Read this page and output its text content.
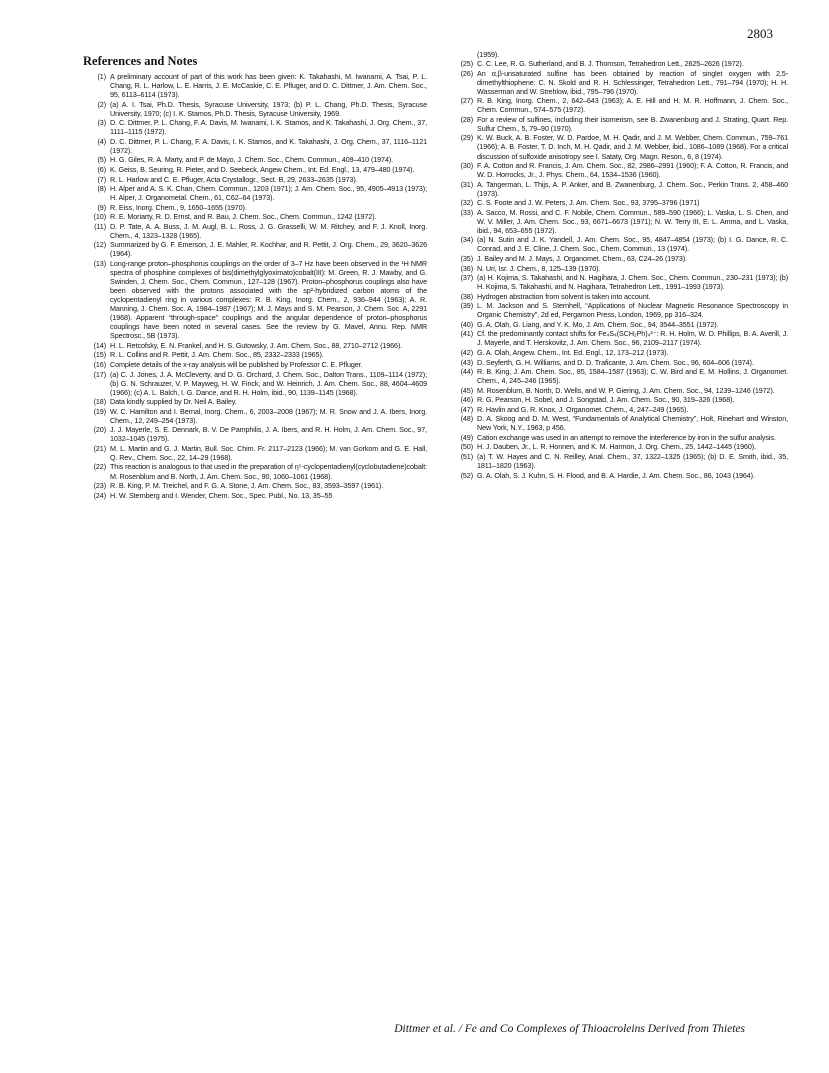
2803
References and Notes
(1) A preliminary account of part of this work has been given: K. Takahashi, M. Iwanami, A. Tsai, P. L. Chang, R. L. Harlow, L. E. Harris, J. E. McCaskie, C. E. Pfluger, and D. C. Dittmer, J. Am. Chem. Soc., 95, 6113–6114 (1973).
(2) (a) A. I. Tsai, Ph.D. Thesis, Syracuse University, 1973; (b) P. L. Chang, Ph.D. Thesis, Syracuse University, 1970; (c) I. K. Stamos, Ph.D. Thesis, Syracuse University, 1969.
(3) D. C. Dittmer, P. L. Chang, F. A. Davis, M. Iwanami, I. K. Stamos, and K. Takahashi, J. Org. Chem., 37, 1111–1115 (1972).
(4) D. C. Dittmer, P. L. Chang, F. A. Davis, I. K. Stamos, and K. Takahashi, J. Org. Chem., 37, 1116–1121 (1972).
(5) H. G. Giles, R. A. Marty, and P. de Mayo, J. Chem. Soc., Chem. Commun., 409–410 (1974).
(6) K. Geiss, B. Seuring, R. Pieter, and D. Seebeck, Angew Chem., Int. Ed. Engl., 13, 479–480 (1974).
(7) R. L. Harlow and C. E. Pfluger, Acta Crystallogr., Sect. B, 29, 2633–2635 (1973).
(8) H. Alper and A. S. K. Chan, Chem. Commun., 1203 (1971); J. Am. Chem. Soc., 95, 4905–4913 (1973); H. Alper, J. Organometal. Chem., 61, C62–64 (1973).
(9) R. Eiss, Inorg. Chem., 9, 1650–1655 (1970).
(10) R. E. Moriarty, R. D. Ernst, and R. Bau, J. Chem. Soc., Chem. Commun., 1242 (1972).
(11) D. P. Tate, A. A. Buss, J. M. Augl, B. L. Ross, J. G. Grasselli, W. M. Ritchey, and F. J. Knoll, Inorg. Chem., 4, 1323–1328 (1965).
(12) Summarized by G. F. Emerson, J. E. Mahler, R. Kochhar, and R. Pettit, J. Org. Chem., 29, 3620–3626 (1964).
(13) Long-range proton–phosphorus couplings on the order of 3–7 Hz have been observed in the ¹H NMR spectra of phosphine complexes of bis(dimethylglyoximato)cobalt(III): M. Green, R. J. Mawby, and G. Swinden, J. Chem. Soc., Chem. Commun., 127–128 (1967). Proton–phosphorus couplings also have been observed with the protons associated with the sp²-hybridized carbon atoms of the cyclopentadienyl ring in various complexes: R. B. King, Inorg. Chem., 2, 936–944 (1963); A. R. Manning, J. Chem. Soc. A, 1984–1987 (1967); M. J. Mays and S. M. Pearson, J. Chem. Soc. A, 2291 (1968). Apparent “through-space” couplings and the angular dependence of proton–phosphorus couplings have been noted in several cases. See the review by G. Mavel, Annu. Rep. NMR Spectrosc., 5B (1973).
(14) H. L. Retcofsky, E. N. Frankel, and H. S. Gutowsky, J. Am. Chem. Soc., 88, 2710–2712 (1966).
(15) R. L. Collins and R. Pettit, J. Am. Chem. Soc., 85, 2332–2333 (1965).
(16) Complete details of the x-ray analysis will be published by Professor C. E. Pfluger.
(17) (a) C. J. Jones, J. A. McCleverty, and D. G. Orchard, J. Chem. Soc., Dalton Trans., 1109–1114 (1972); (b) G. N. Schrauzer, V. P. Mayweg, H. W. Finck, and W. Heinrich, J. Am. Chem. Soc., 88, 4604–4609 (1966); (c) A. L. Balch, I. G. Dance, and R. H. Holm, ibid., 90, 1139–1145 (1968).
(18) Data kindly supplied by Dr. Neil A. Bailey.
(19) W. C. Hamilton and I. Bernal, Inorg. Chem., 6, 2003–2008 (1967); M. R. Snow and J. A. Ibers, Inorg. Chem., 12, 249–254 (1973).
(20) J. J. Mayerle, S. E. Dennark, B. V. De Pamphilis, J. A. Ibers, and R. H. Holm, J. Am. Chem. Soc., 97, 1032–1045 (1975).
(21) M. L. Martin and G. J. Martin, Bull. Soc. Chim. Fr. 2117–2123 (1966); M. van Gorkom and G. E. Hall, Q. Rev., Chem. Soc., 22, 14–29 (1968).
(22) This reaction is analogous to that used in the preparation of η⁵-cyclopentadienyl(cyclobutadiene)cobalt: M. Rosenblum and B. North, J. Am. Chem. Soc., 90, 1060–1061 (1968).
(23) R. B. King, P. M. Treichel, and F. G. A. Stone, J. Am. Chem. Soc., 83, 3593–3597 (1961).
(24) H. W. Sternberg and I. Wender, Chem. Soc., Spec. Publ., No. 13, 35–55
(1959).
(25) C. C. Lee, R. G. Sutherland, and B. J. Thomson, Tetrahedron Lett., 2625–2626 (1972).
(26) An α,β-unsaturated sulfine has been obtained by reaction of singlet oxygen with 2,5-dimethylthiophene: C. N. Skold and R. H. Schlessinger, Tetrahedron Lett., 791–794 (1970); H. H. Wasserman and W. Strehlow, ibid., 795–796 (1970).
(27) R. B. King, Inorg. Chem., 2, 642–643 (1963); A. E. Hill and H. M. R. Hoffmann, J. Chem. Soc., Chem. Commun., 574–575 (1972).
(28) For a review of sulfines, including their isomerism, see B. Zwanenburg and J. Strating, Quart. Rep. Sulfur Chem., 5, 79–90 (1970).
(29) K. W. Buck, A. B. Foster, W. D. Pardoe, M. H. Qadir, and J. M. Webber, Chem. Commun., 759–761 (1966); A. B. Foster, T. D. Inch, M. H. Qadir, and J. M. Webber, ibid., 1086–1089 (1968). For a critical discussion of sulfoxide anisotropy see I. Sataty, Org. Magn. Reson., 6, 8 (1974).
(30) F. A. Cotton and R. Francis, J. Am. Chem. Soc., 82, 2986–2991 (1960); F. A. Cotton, R. Francis, and W. D. Horrocks, Jr., J. Phys. Chem., 64, 1534–1536 (1960).
(31) A. Tangerman, L. Thijs, A. P. Anker, and B. Zwanenburg, J. Chem. Soc., Perkin Trans. 2, 458–460 (1973).
(32) C. S. Foote and J. W. Peters, J. Am. Chem. Soc., 93, 3795–3796 (1971)
(33) A. Sacco, M. Rossi, and C. F. Nobile, Chem. Commun., 589–590 (1966); L. Vaska, L. S. Chen, and W. V. Miller, J. Am. Chem. Soc., 93, 6671–6673 (1971); N. W. Terry III, E. L. Amma, and L. Vaska, ibid., 94, 653–655 (1972).
(34) (a) N. Sutin and J. K. Yandell, J. Am. Chem. Soc., 95, 4847–4854 (1973); (b) I. G. Dance, R. C. Conrad, and J. E. Cline, J. Chem. Soc., Chem. Commun., 13 (1974).
(35) J. Bailey and M. J. Mays, J. Organomet. Chem., 63, C24–26 (1973).
(36) N. Uri, Isr. J. Chem., 8, 125–139 (1970).
(37) (a) H. Kojima, S. Takahashi, and N. Hagihara, J. Chem. Soc., Chem. Commun., 230–231 (1973); (b) H. Kojima, S. Takahashi, and N. Hagihara, Tetrahedron Lett., 1991–1993 (1973).
(38) Hydrogen abstraction from solvent is taken into account.
(39) L. M. Jackson and S. Sternhell, “Applications of Nuclear Magnetic Resonance Spectroscopy in Organic Chemistry”, 2d ed, Pergamon Press, London, 1969, pp 316–324.
(40) G. A. Olah, G. Liang, and Y. K. Mo, J. Am. Chem. Soc., 94, 3544–3551 (1972).
(41) Cf. the predominantly contact shifts for Fe₄S₄(SCH₂Ph)₄²⁻: R. H. Holm, W. D. Phillips, B. A. Averill, J. J. Mayerle, and T. Herskovitz, J. Am. Chem. Soc., 96, 2109–2117 (1974).
(42) G. A. Olah, Angew. Chem., Int. Ed. Engl., 12, 173–212 (1973).
(43) D. Seyferth, G. H. Williams, and D. D. Traficante, J. Am. Chem. Soc., 96, 604–606 (1974).
(44) R. B. King, J. Am. Chem. Soc., 85, 1584–1587 (1963); C. W. Bird and E. M. Hollins, J. Organomet. Chem., 4, 245–246 (1965).
(45) M. Rosenblum, B. North, D. Wells, and W. P. Giering, J. Am. Chem. Soc., 94, 1239–1246 (1972).
(46) R. G. Pearson, H. Sobel, and J. Songstad, J. Am. Chem. Soc., 90, 319–326 (1968).
(47) R. Havlin and G. R. Knox, J. Organomet. Chem., 4, 247–249 (1965).
(48) D. A. Skoog and D. M. West, “Fundamentals of Analytical Chemistry”, Holt, Rinehart and Winston, New York, N.Y., 1963, p 456.
(49) Cation exchange was used in an attempt to remove the interference by iron in the sulfur analysis.
(50) H. J. Dauben, Jr., L. R. Honnen, and K. M. Harmon, J. Org. Chem., 25, 1442–1445 (1960).
(51) (a) T. W. Hayes and C. N. Reilley, Anal. Chem., 37, 1322–1325 (1965); (b) D. E. Smith, ibid., 35, 1811–1820 (1963).
(52) G. A. Olah, S. J. Kuhn, S. H. Flood, and B. A. Hardie, J. Am. Chem. Soc., 86, 1043 (1964).
Dittmer et al. / Fe and Co Complexes of Thioacroleins Derived from Thietes
